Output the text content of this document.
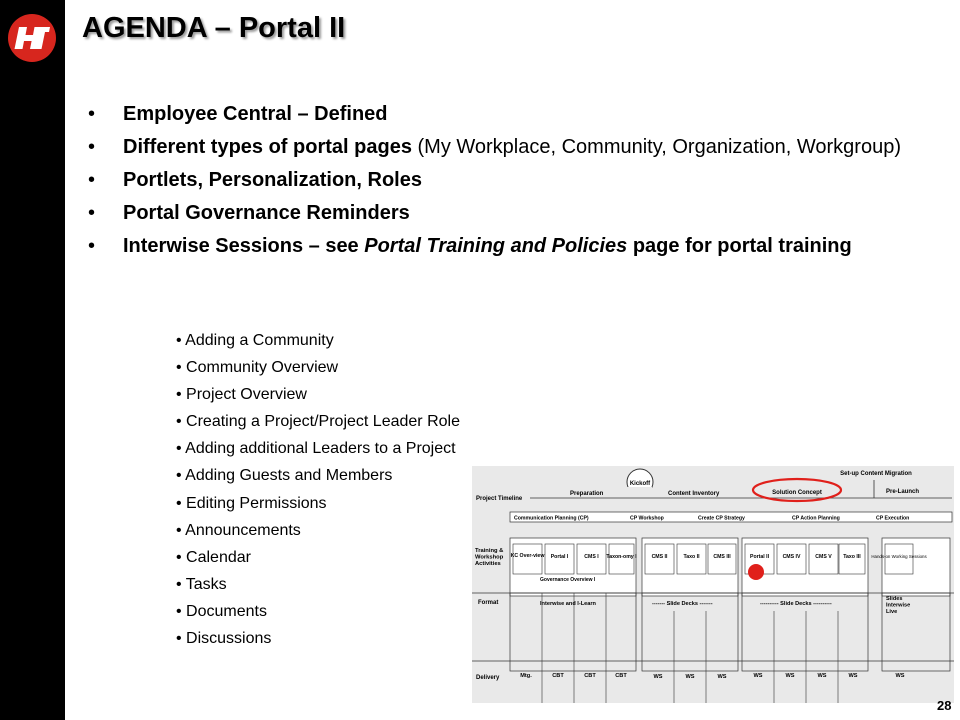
AGENDA – Portal II
• Employee Central – Defined
• Different types of portal pages (My Workplace, Community, Organization, Workgroup)
• Portlets, Personalization, Roles
• Portal Governance Reminders
• Interwise Sessions – see Portal Training and Policies page for portal training
• Adding a Community
• Community Overview
• Project Overview
• Creating a Project/Project Leader Role
• Adding additional Leaders to a Project
• Adding Guests and Members
• Editing Permissions
• Announcements
• Calendar
• Tasks
• Documents
• Discussions
Kickoff
Set-up Content Migration
Project Timeline
Preparation	Content Inventory	Solution Concept	Pre-Launch
Communication Planning (CP)	CP Workshop	Create CP Strategy	CP Action Planning	CP Execution
Training & Workshop Activities
KC Over-view Portal I	CMS I Taxon-omy I	CMS II	Taxo II	CMS III	Portal II	CMS IV	CMS V Taxo III Hands-on Working Sessions
Governance Overview I
Format	Interwise and I-Learn	------- Slide Decks -------	---------- Slide Decks ----------
Slides Interwise Live
Delivery	Mtg.	CBT	CBT	CBT	WS	WS	WS	WS	WS	WS	WS	WS
28
